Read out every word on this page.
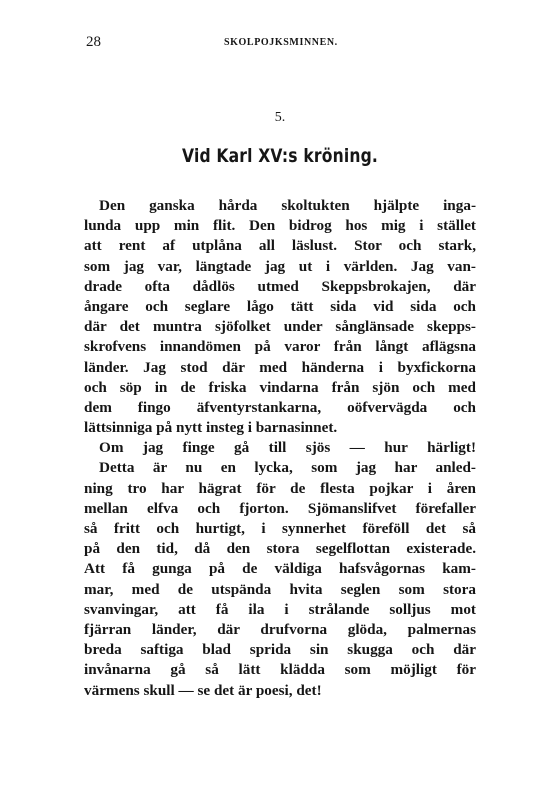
28	SKOLPOJKSMINNEN.
5.
Vid Karl XV:s kröning.
Den ganska hårda skoltukten hjälpte inga-
lunda upp min flit. Den bidrog hos mig i stället
att rent af utplåna all läslust. Stor och stark,
som jag var, längtade jag ut i världen. Jag van-
drade ofta dådlös utmed Skeppsbrokajen, där
ångare och seglare lågo tätt sida vid sida och
där det muntra sjöfolket under sånglänsade skepps-
skrofvens innandömen på varor från långt aflägsna
länder. Jag stod där med händerna i byxfickorna
och söp in de friska vindarna från sjön och med
dem fingo äfventyrstankarna, oöfvervägda och
lättsinniga på nytt insteg i barnasinnet.
Om jag finge gå till sjös — hur härligt!
Detta är nu en lycka, som jag har anled-
ning tro har hägrat för de flesta pojkar i åren
mellan elfva och fjorton. Sjömanslifvet förefaller
så fritt och hurtigt, i synnerhet föreföll det så
på den tid, då den stora segelflottan existerade.
Att få gunga på de väldiga hafsvågornas kam-
mar, med de utspända hvita seglen som stora
svanvingar, att få ila i strålande solljus mot
fjärran länder, där drufvorna glöda, palmernas
breda saftiga blad sprida sin skugga och där
invånarna gå så lätt klädda som möjligt för
värmens skull — se det är poesi, det!
